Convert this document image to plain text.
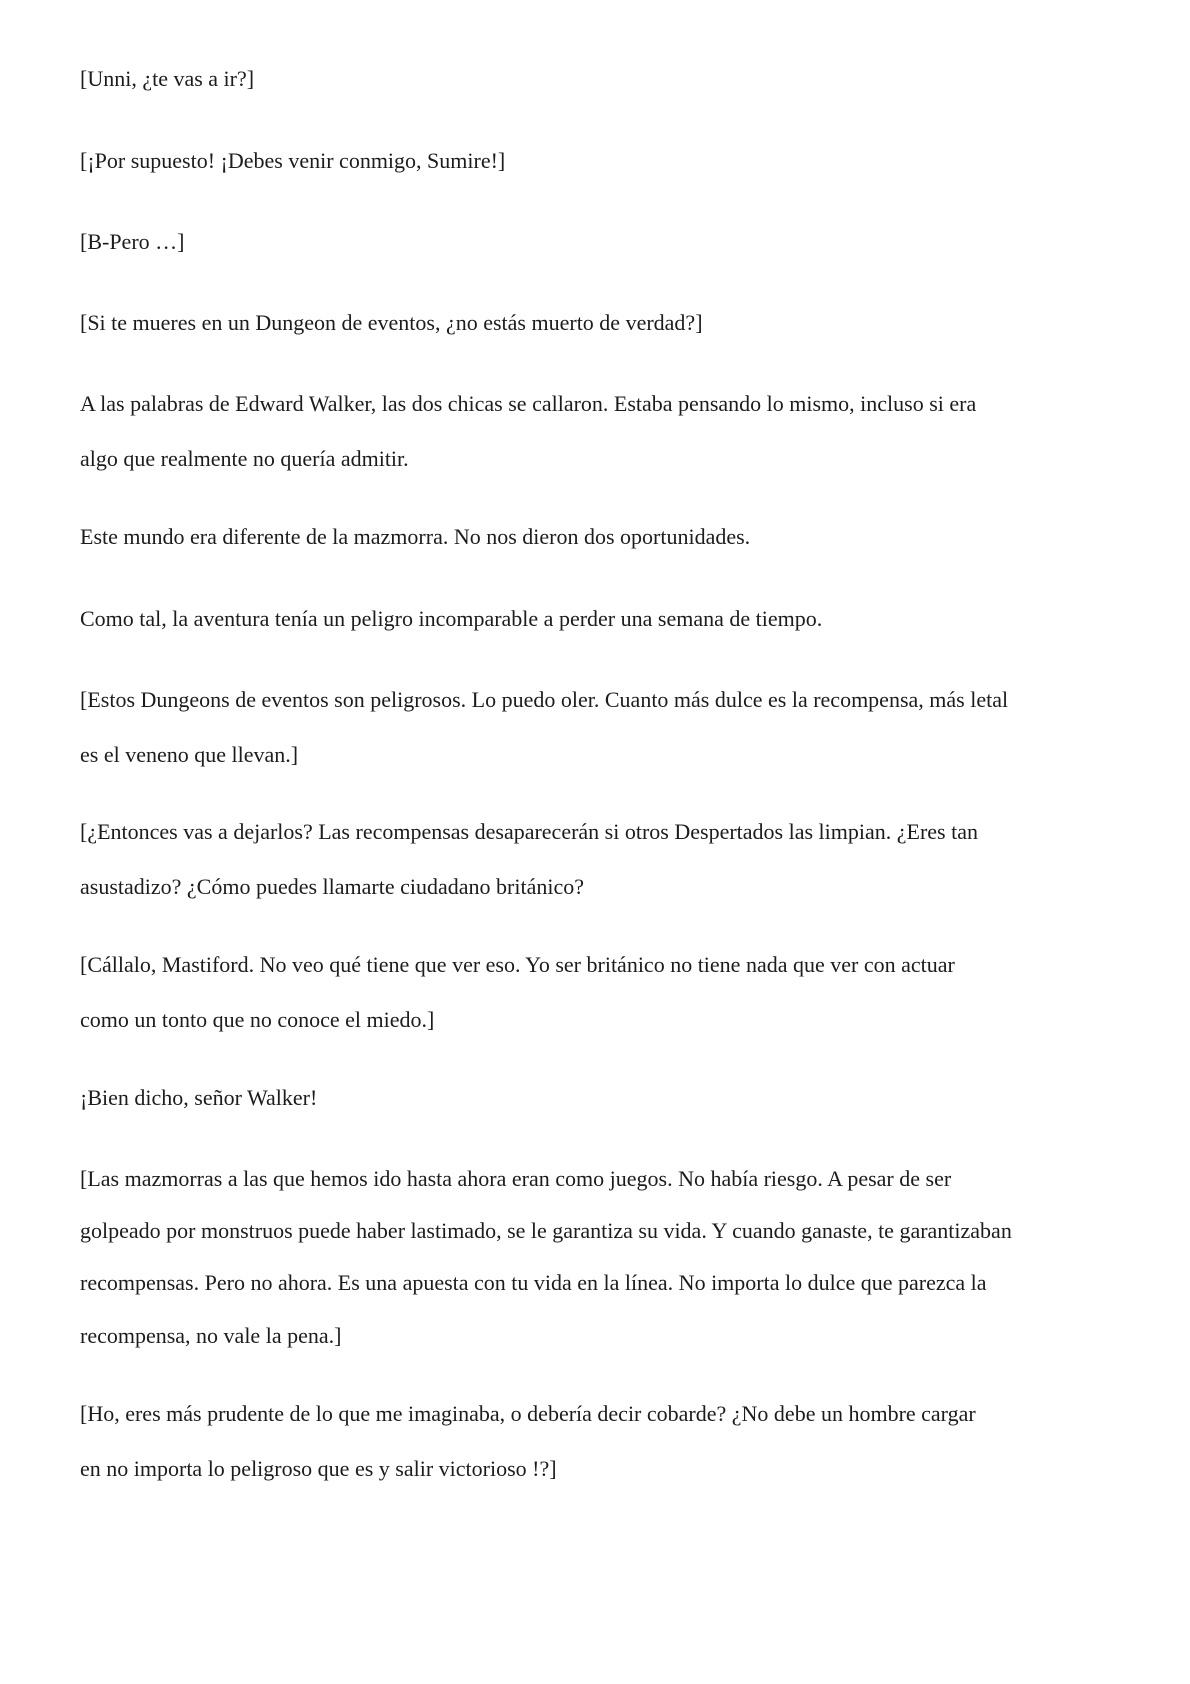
[Unni, ¿te vas a ir?]

[¡Por supuesto! ¡Debes venir conmigo, Sumire!]

[B-Pero …]

[Si te mueres en un Dungeon de eventos, ¿no estás muerto de verdad?]

A las palabras de Edward Walker, las dos chicas se callaron. Estaba pensando lo mismo, incluso si era

algo que realmente no quería admitir.

Este mundo era diferente de la mazmorra. No nos dieron dos oportunidades.

Como tal, la aventura tenía un peligro incomparable a perder una semana de tiempo.

[Estos Dungeons de eventos son peligrosos. Lo puedo oler. Cuanto más dulce es la recompensa, más letal

es el veneno que llevan.]

[¿Entonces vas a dejarlos? Las recompensas desaparecerán si otros Despertados las limpian. ¿Eres tan

asustadizo? ¿Cómo puedes llamarte ciudadano británico?

[Cállalo, Mastiford. No veo qué tiene que ver eso. Yo ser británico no tiene nada que ver con actuar

como un tonto que no conoce el miedo.]

¡Bien dicho, señor Walker!

[Las mazmorras a las que hemos ido hasta ahora eran como juegos. No había riesgo. A pesar de ser

golpeado por monstruos puede haber lastimado, se le garantiza su vida. Y cuando ganaste, te garantizaban

recompensas. Pero no ahora. Es una apuesta con tu vida en la línea. No importa lo dulce que parezca la

recompensa, no vale la pena.]

[Ho, eres más prudente de lo que me imaginaba, o debería decir cobarde? ¿No debe un hombre cargar

en no importa lo peligroso que es y salir victorioso !?]
